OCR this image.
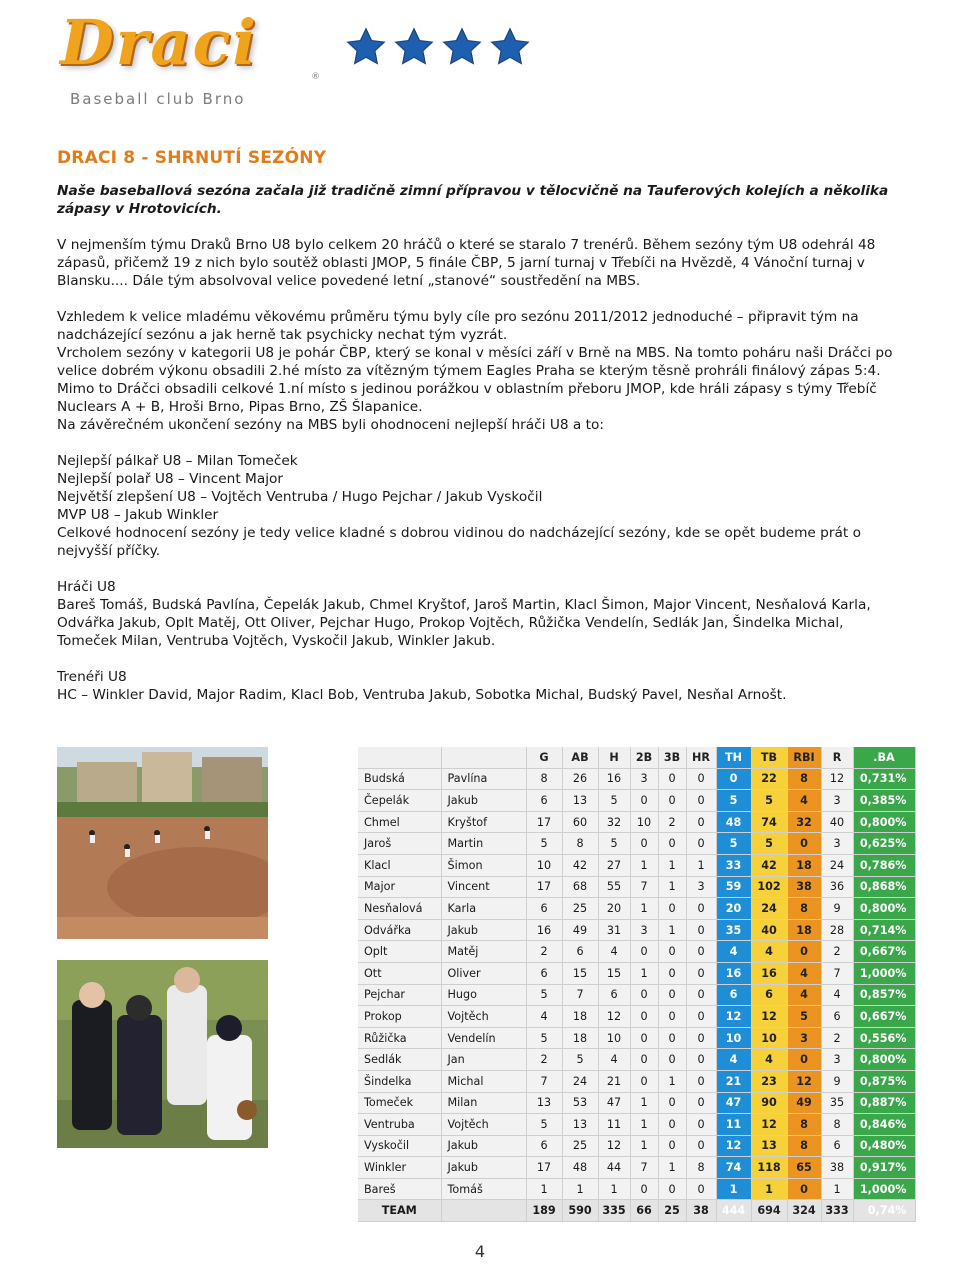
Draci	®
Baseball club Brno
DRACI 8 - SHRNUTÍ SEZÓNY

Naše baseballová sezóna začala již tradičně zimní přípravou v tělocvičně na Tauferových kolejích a několika zápasy v Hrotovicích.

V nejmenším týmu Draků Brno U8 bylo celkem 20 hráčů o které se staralo 7 trenérů. Během sezóny tým U8 odehrál 48 zápasů, přičemž 19 z nich bylo soutěž oblasti JMOP, 5 finále ČBP, 5 jarní turnaj v Třebíči na Hvězdě, 4 Vánoční turnaj v Blansku.... Dále tým absolvoval velice povedené letní „stanové“ soustředění na MBS.

Vzhledem k velice mladému věkovému průměru týmu byly cíle pro sezónu 2011/2012 jednoduché – připravit tým na nadcházející sezónu a jak herně tak psychicky nechat tým vyzrát.

Vrcholem sezóny v kategorii U8 je pohár ČBP, který se konal v měsíci září v Brně na MBS. Na tomto poháru naši Dráčci po velice dobrém výkonu obsadili 2.hé místo za vítězným týmem Eagles Praha se kterým těsně prohráli finálový zápas 5:4. Mimo to Dráčci obsadili celkové 1.ní místo s jedinou porážkou v oblastním přeboru JMOP, kde hráli zápasy s týmy Třebíč Nuclears A + B, Hroši Brno, Pipas Brno, ZŠ Šlapanice.

Na závěrečném ukončení sezóny na MBS byli ohodnoceni nejlepší hráči U8 a to:

Nejlepší pálkař U8 – Milan Tomeček

Nejlepší polař U8 – Vincent Major

Největší zlepšení U8 – Vojtěch Ventruba / Hugo Pejchar / Jakub Vyskočil

MVP U8 – Jakub Winkler

Celkové hodnocení sezóny je tedy velice kladné s dobrou vidinou do nadcházející sezóny, kde se opět budeme prát o nejvyšší příčky.

Hráči U8

Bareš Tomáš, Budská Pavlína, Čepelák Jakub, Chmel Kryštof, Jaroš Martin, Klacl Šimon, Major Vincent, Nesňalová Karla, Odvářka Jakub, Oplt Matěj, Ott Oliver, Pejchar Hugo, Prokop Vojtěch, Růžička Vendelín, Sedlák Jan, Šindelka Michal, Tomeček Milan, Ventruba Vojtěch, Vyskočil Jakub, Winkler Jakub.

Trenéři U8

HC – Winkler David, Major Radim, Klacl Bob, Ventruba Jakub, Sobotka Michal, Budský Pavel, Nesňal Arnošt.

		G	AB	H	2B	3B	HR	TH	TB	RBI	R	.BA
Budská	Pavlína	8	26	16	3	0	0	0	22	8	12	0,731%
Čepelák	Jakub	6	13	5	0	0	0	5	5	4	3	0,385%
Chmel	Kryštof	17	60	32	10	2	0	48	74	32	40	0,800%
Jaroš	Martin	5	8	5	0	0	0	5	5	0	3	0,625%
Klacl	Šimon	10	42	27	1	1	1	33	42	18	24	0,786%
Major	Vincent	17	68	55	7	1	3	59	102	38	36	0,868%
Nesňalová	Karla	6	25	20	1	0	0	20	24	8	9	0,800%
Odvářka	Jakub	16	49	31	3	1	0	35	40	18	28	0,714%
Oplt	Matěj	2	6	4	0	0	0	4	4	0	2	0,667%
Ott	Oliver	6	15	15	1	0	0	16	16	4	7	1,000%
Pejchar	Hugo	5	7	6	0	0	0	6	6	4	4	0,857%
Prokop	Vojtěch	4	18	12	0	0	0	12	12	5	6	0,667%
Růžička	Vendelín	5	18	10	0	0	0	10	10	3	2	0,556%
Sedlák	Jan	2	5	4	0	0	0	4	4	0	3	0,800%
Šindelka	Michal	7	24	21	0	1	0	21	23	12	9	0,875%
Tomeček	Milan	13	53	47	1	0	0	47	90	49	35	0,887%
Ventruba	Vojtěch	5	13	11	1	0	0	11	12	8	8	0,846%
Vyskočil	Jakub	6	25	12	1	0	0	12	13	8	6	0,480%
Winkler	Jakub	17	48	44	7	1	8	74	118	65	38	0,917%
Bareš	Tomáš	1	1	1	0	0	0	1	1	0	1	1,000%
TEAM		189	590	335	66	25	38	444	694	324	333	0,74%
4
